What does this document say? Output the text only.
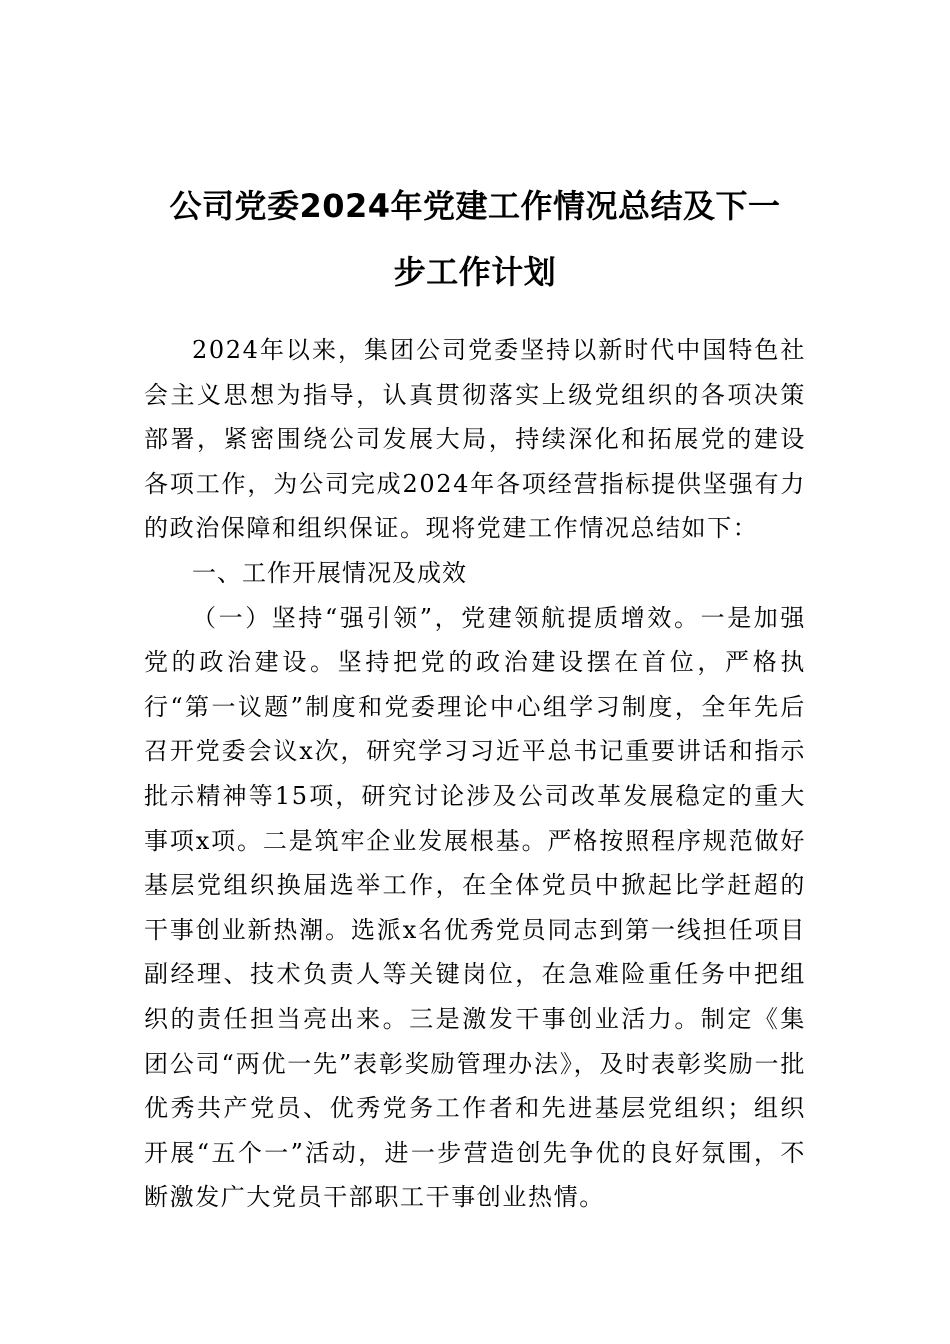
公司党委2024年党建工作情况总结及下一
步工作计划

2024年以来，集团公司党委坚持以新时代中国特色社会主义思想为指导，认真贯彻落实上级党组织的各项决策部署，紧密围绕公司发展大局，持续深化和拓展党的建设各项工作，为公司完成2024年各项经营指标提供坚强有力的政治保障和组织保证。现将党建工作情况总结如下：

一、工作开展情况及成效

（一）坚持“强引领”，党建领航提质增效。一是加强党的政治建设。坚持把党的政治建设摆在首位，严格执行“第一议题”制度和党委理论中心组学习制度，全年先后召开党委会议x次，研究学习习近平总书记重要讲话和指示批示精神等15项，研究讨论涉及公司改革发展稳定的重大事项x项。二是筑牢企业发展根基。严格按照程序规范做好基层党组织换届选举工作，在全体党员中掀起比学赶超的干事创业新热潮。选派x名优秀党员同志到第一线担任项目副经理、技术负责人等关键岗位，在急难险重任务中把组织的责任担当亮出来。三是激发干事创业活力。制定《集团公司“两优一先”表彰奖励管理办法》，及时表彰奖励一批优秀共产党员、优秀党务工作者和先进基层党组织；组织开展“五个一”活动，进一步营造创先争优的良好氛围，不断激发广大党员干部职工干事创业热情。
